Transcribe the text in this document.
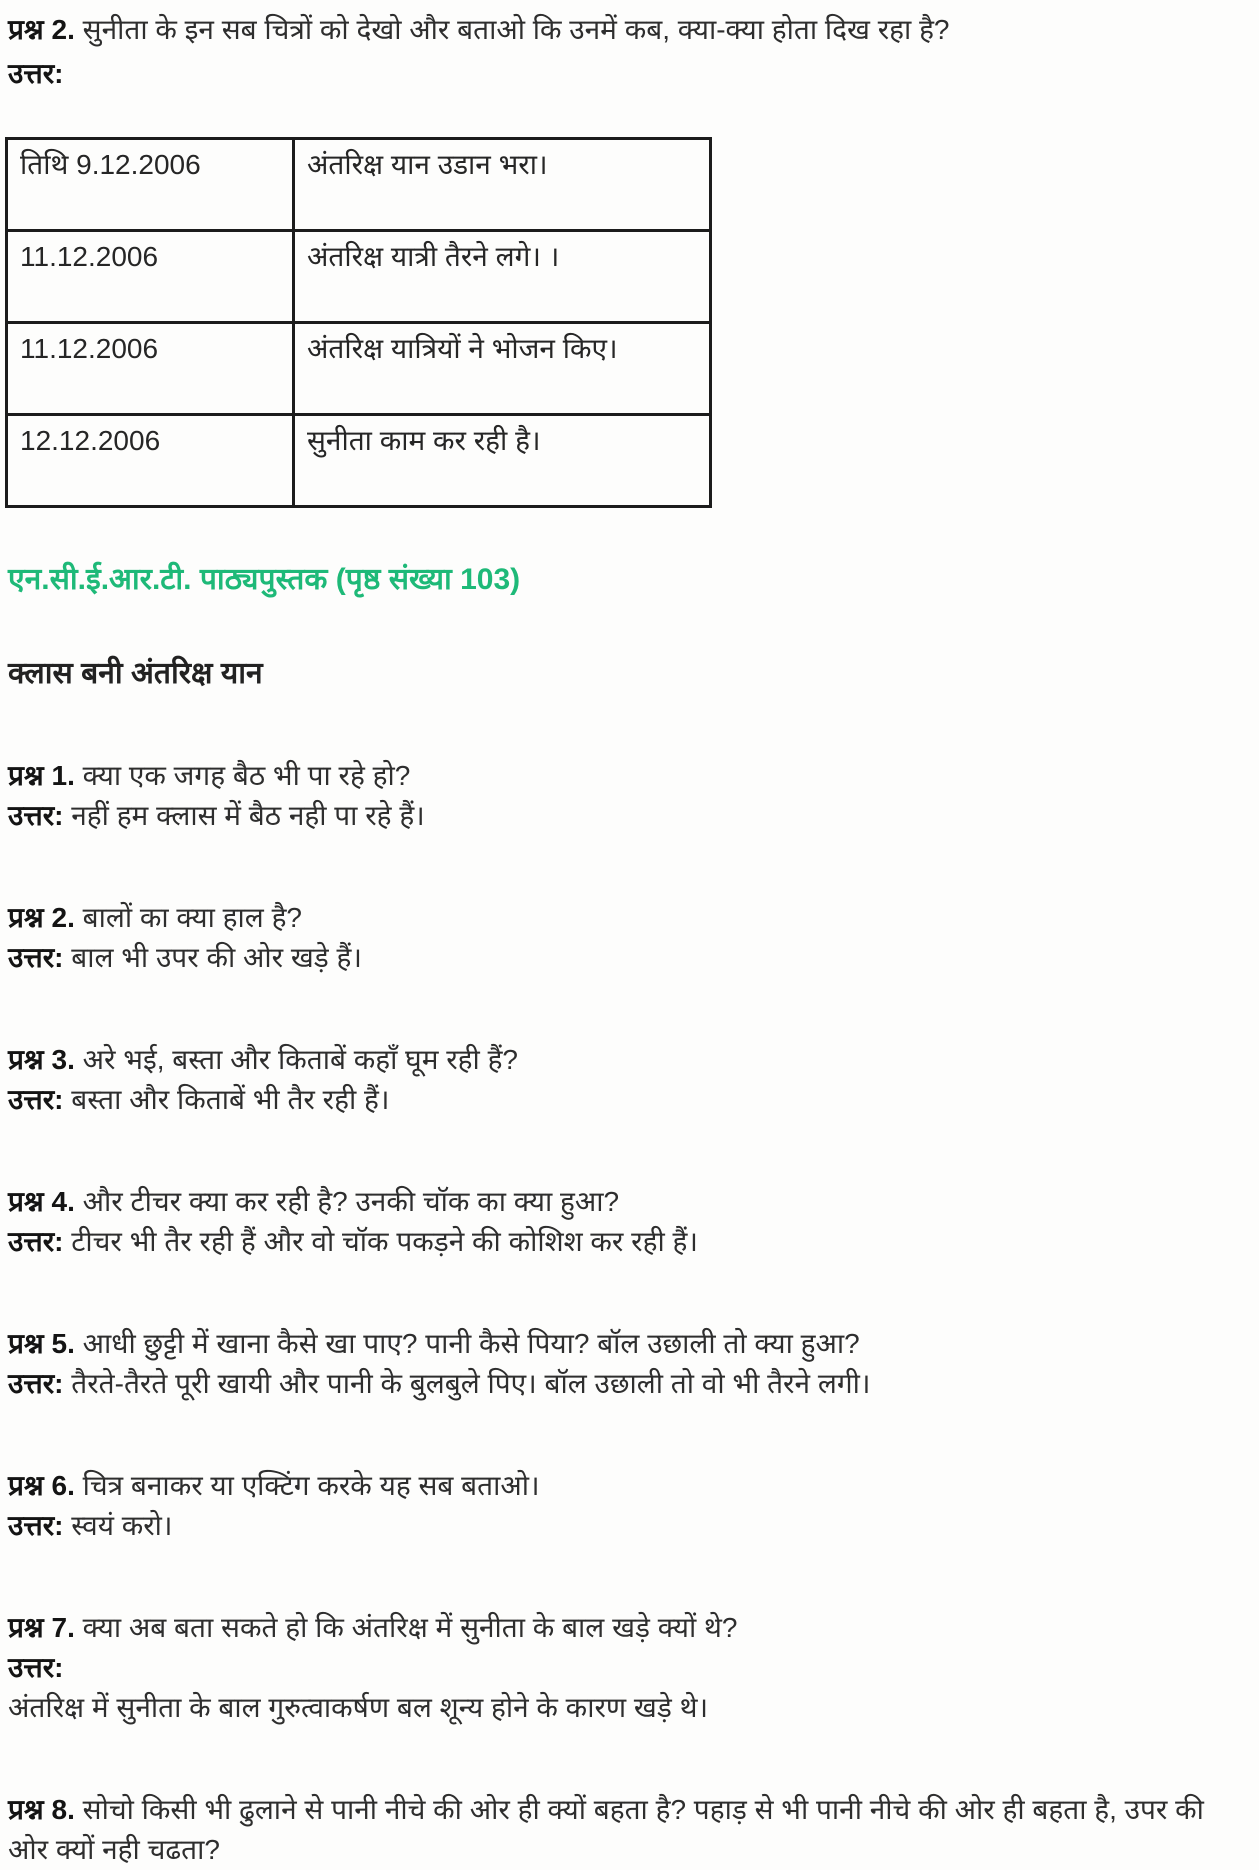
प्रश्न 2. सुनीता के इन सब चित्रों को देखो और बताओ कि उनमें कब, क्या-क्या होता दिख रहा है?

उत्तर:

तिथि 9.12.2006	अंतरिक्ष यान उडान भरा।
11.12.2006	अंतरिक्ष यात्री तैरने लगे। ।
11.12.2006	अंतरिक्ष यात्रियों ने भोजन किए।
12.12.2006	सुनीता काम कर रही है।

एन.सी.ई.आर.टी. पाठ्यपुस्तक (पृष्ठ संख्या 103)

क्लास बनी अंतरिक्ष यान

प्रश्न 1. क्या एक जगह बैठ भी पा रहे हो?

उत्तर: नहीं हम क्लास में बैठ नही पा रहे हैं।

प्रश्न 2. बालों का क्या हाल है?

उत्तर: बाल भी उपर की ओर खड़े हैं।

प्रश्न 3. अरे भई, बस्ता और किताबें कहाँ घूम रही हैं?

उत्तर: बस्ता और किताबें भी तैर रही हैं।

प्रश्न 4. और टीचर क्या कर रही है? उनकी चॉक का क्या हुआ?

उत्तर: टीचर भी तैर रही हैं और वो चॉक पकड़ने की कोशिश कर रही हैं।

प्रश्न 5. आधी छुट्टी में खाना कैसे खा पाए? पानी कैसे पिया? बॉल उछाली तो क्या हुआ?

उत्तर: तैरते-तैरते पूरी खायी और पानी के बुलबुले पिए। बॉल उछाली तो वो भी तैरने लगी।

प्रश्न 6. चित्र बनाकर या एक्टिंग करके यह सब बताओ।

उत्तर: स्वयं करो।

प्रश्न 7. क्या अब बता सकते हो कि अंतरिक्ष में सुनीता के बाल खड़े क्यों थे?

उत्तर:

अंतरिक्ष में सुनीता के बाल गुरुत्वाकर्षण बल शून्य होने के कारण खड़े थे।

प्रश्न 8. सोचो किसी भी ढुलाने से पानी नीचे की ओर ही क्यों बहता है? पहाड़ से भी पानी नीचे की ओर ही बहता है, उपर की ओर क्यों नही चढता?
